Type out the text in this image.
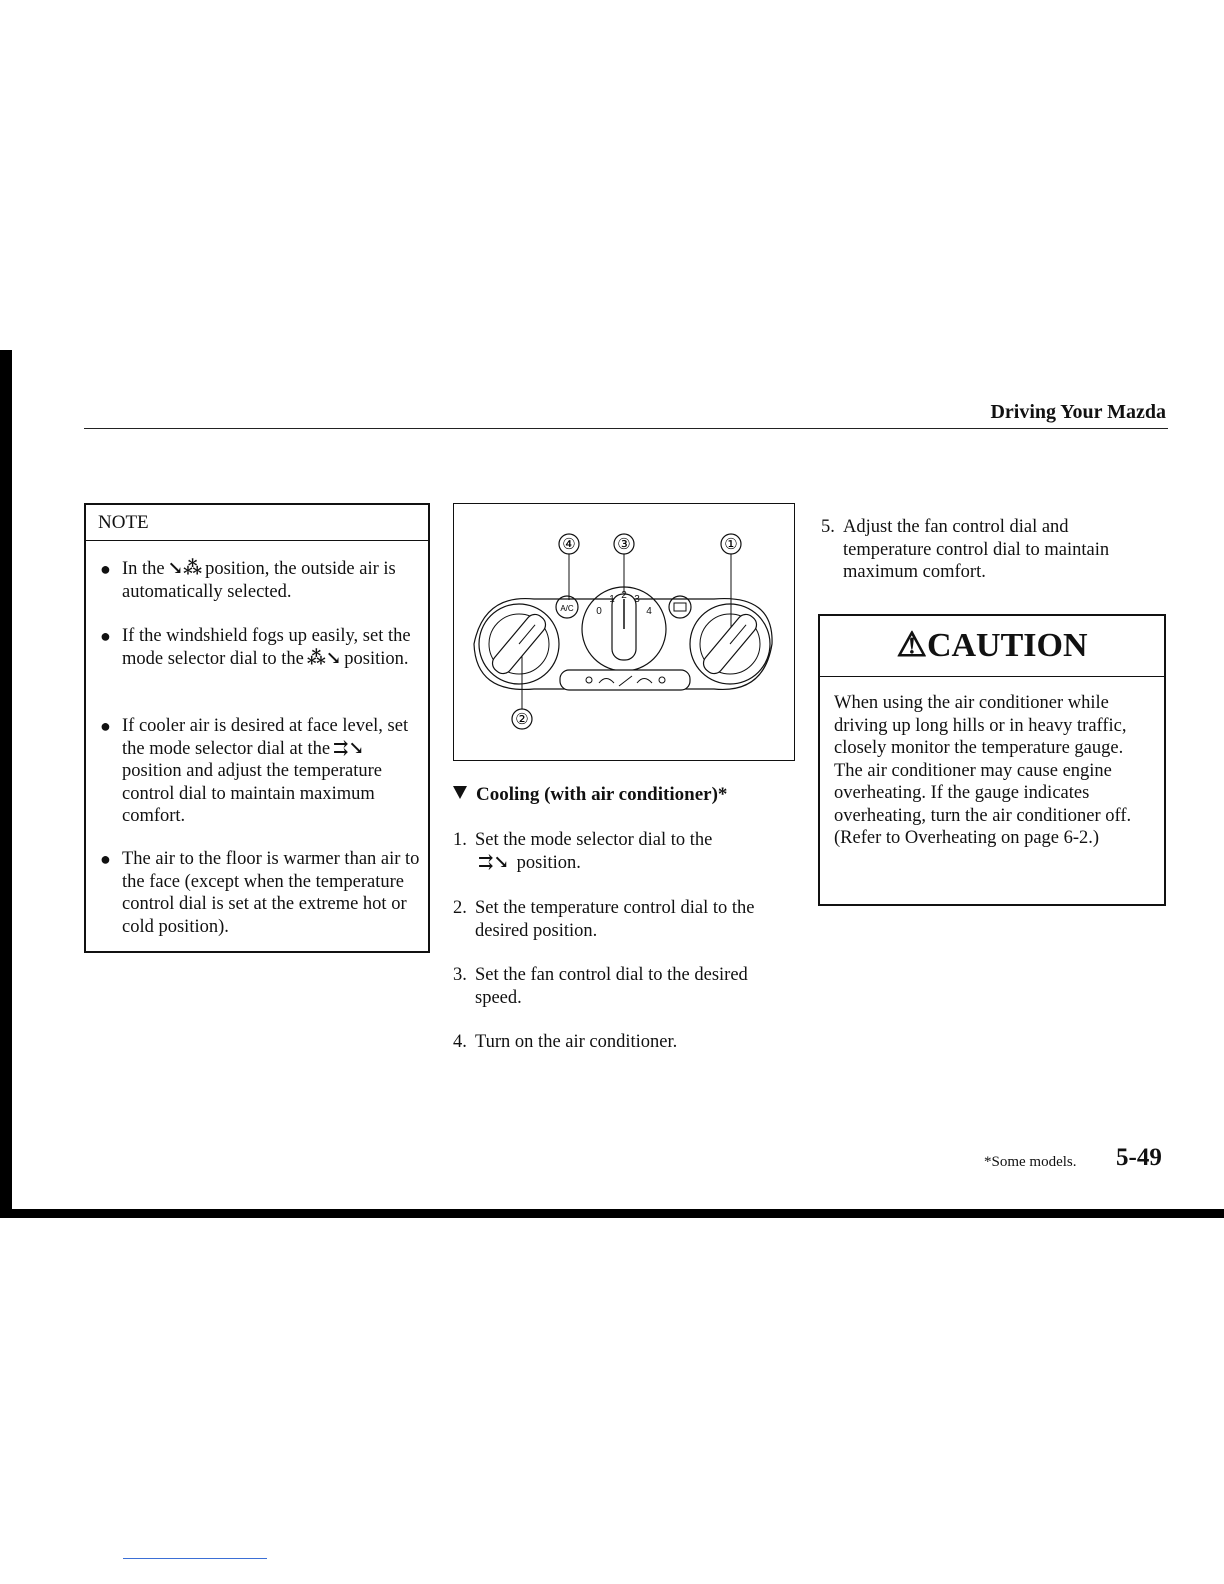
Driving Your Mazda
NOTE
● In the ↘⁂ position, the outside air is automatically selected.
● If the windshield fogs up easily, set the mode selector dial to the ⁂↘ position.
● If cooler air is desired at face level, set the mode selector dial at the ⇉↘position and adjust the temperature control dial to maintain maximum comfort.
● The air to the floor is warmer than air to the face (except when the temperature control dial is set at the extreme hot or cold position).
④	③	①
②
0
1 2 3
4
A/C
Cooling (with air conditioner)*
1. Set the mode selector dial to the
⇉↘ position.
2. Set the temperature control dial to the desired position.
3. Set the fan control dial to the desired speed.
4. Turn on the air conditioner.
5. Adjust the fan control dial and temperature control dial to maintain maximum comfort.
⚠CAUTION
When using the air conditioner while driving up long hills or in heavy traffic, closely monitor the temperature gauge.
The air conditioner may cause engine overheating. If the gauge indicates overheating, turn the air conditioner off. (Refer to Overheating on page 6-2.)
*Some models. 5-49
